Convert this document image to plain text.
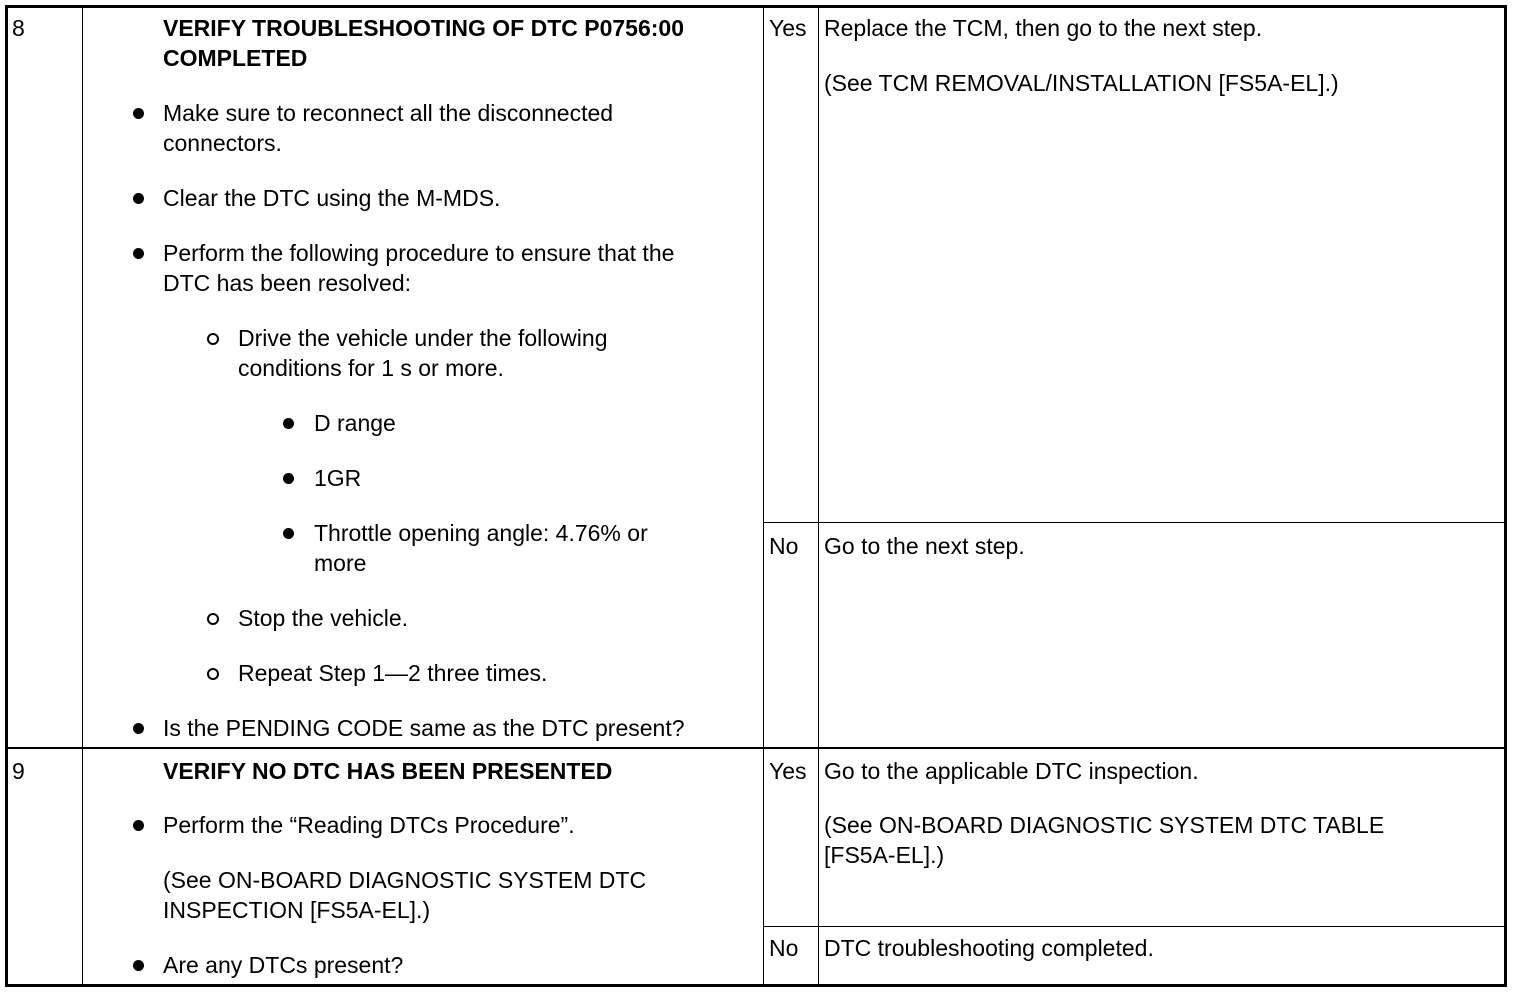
8	VERIFY TROUBLESHOOTING OF DTC P0756:00
COMPLETED
Make sure to reconnect all the disconnected
connectors.
Clear the DTC using the M-MDS.
Perform the following procedure to ensure that the
DTC has been resolved:
Drive the vehicle under the following
conditions for 1 s or more.
D range
1GR
Throttle opening angle: 4.76% or
more
Stop the vehicle.
Repeat Step 1—2 three times.
Is the PENDING CODE same as the DTC present?
Yes Replace the TCM, then go to the next step.
(See TCM REMOVAL/INSTALLATION [FS5A-EL].)
No Go to the next step.
9	VERIFY NO DTC HAS BEEN PRESENTED
Perform the “Reading DTCs Procedure”.
(See ON-BOARD DIAGNOSTIC SYSTEM DTC
INSPECTION [FS5A-EL].)
Are any DTCs present?
Yes Go to the applicable DTC inspection.
(See ON-BOARD DIAGNOSTIC SYSTEM DTC TABLE
[FS5A-EL].)
No DTC troubleshooting completed.
